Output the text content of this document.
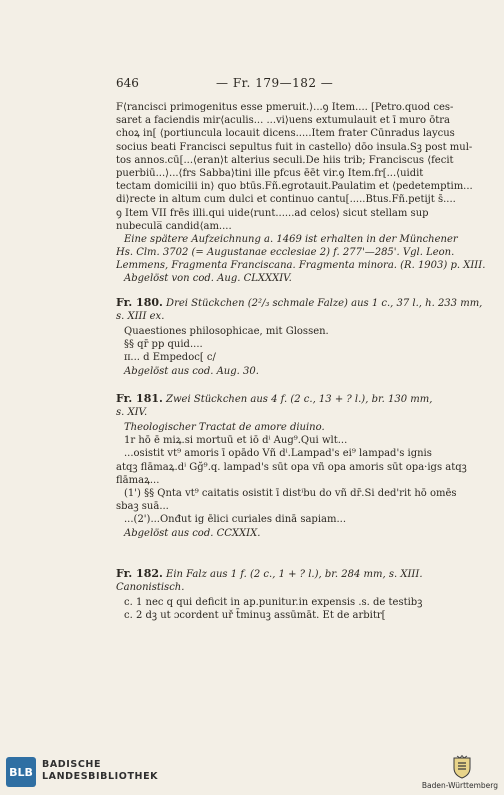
646	— Fr. 179—182 —
F⟨rancisci primogenitus esse pmeruit.⟩...ꝯ Item.... [Petro.quod ces-
saret a faciendis mir⟨aculis... ...vi⟩uens extumulauit et ī muro ōtra
choꝝ in[ ⟨portiuncula locauit dicens.....Item frater Cūnradus laycus
socius beati Francisci sepultus fuit in castello⟩ dōo insula.Sꝫ post mul-
tos annos.cū[...⟨eran⟩t alterius seculi.De hiis trib; Franciscus ⟨fecit
puerbiū...⟩...⟨frs Sabba⟩tini ille pfcus ēēt vir.ꝯ Item.fr[...⟨uidit
tectam domicilii in⟩ quo btūs.Fñ.egrotauit.Paulatim et ⟨pedetemptim...
di⟩recte in altum cum dulci et continuo cantu[.....Btus.Fñ.petijt s̄....
ꝯ Item VII frēs illi.qui uide⟨runt......ad celos⟩ sicut stellam sup
nubecula̅ candid⟨am....
Eine spätere Aufzeichnung a. 1469 ist erhalten in der Münchener
Hs. Clm. 3702 (= Augustanae ecclesiae 2) f. 277'—285'. Vgl. Leon.
Lemmens, Fragmenta Franciscana. Fragmenta minora. (R. 1903) p. XIII.
Abgelöst von cod. Aug. CLXXXIV.
Fr. 180. Drei Stückchen (2²/₃ schmale Falze) aus 1 c., 37 l., h. 233 mm,
s. XIII ex.
Quaestiones philosophicae, mit Glossen.
§§ qr̄ pp quid....
ɪɪ... d Empedoc[ c/
Abgelöst aus cod. Aug. 30.
Fr. 181. Zwei Stückchen aus 4 f. (2 c., 13 + ? l.), br. 130 mm,
s. XIV.
Theologischer Tractat de amore diuino.
1r hō ē miꝝ.si mortuū et iō dⁱ Aug⁹.Qui wlt...
...osistit vt⁹ amoris ī opādo Vñ dⁱ.Lampad's ei⁹ lampad's ignis
atqꝫ flāmaꝝ.dⁱ Gğ⁹.q. lampad's sūt opa vñ opa amoris sūt opa·igs atqꝫ
flāmaꝝ...
(1') §§ Qnta vt⁹ caitatis osistit ī distⁱbu do vñ dr̄.Si ded'rit hō omēs
sbaꝫ suā...
...(2')...Onđut ig ēlici curiales dinā sapiam...
Abgelöst aus cod. CCXXIX.
Fr. 182. Ein Falz aus 1 f. (2 c., 1 + ? l.), br. 284 mm, s. XIII.
Canonistisch.
c. 1 nec q qui deficit in ap.punitur.in expensis .s. de testibꝫ
c. 2 dꝫ ut ɔcordent uř t̄minuꝫ assūmāt. Et de arbitr[
BLB
BADISCHE
LANDESBIBLIOTHEK
Baden-Württemberg
